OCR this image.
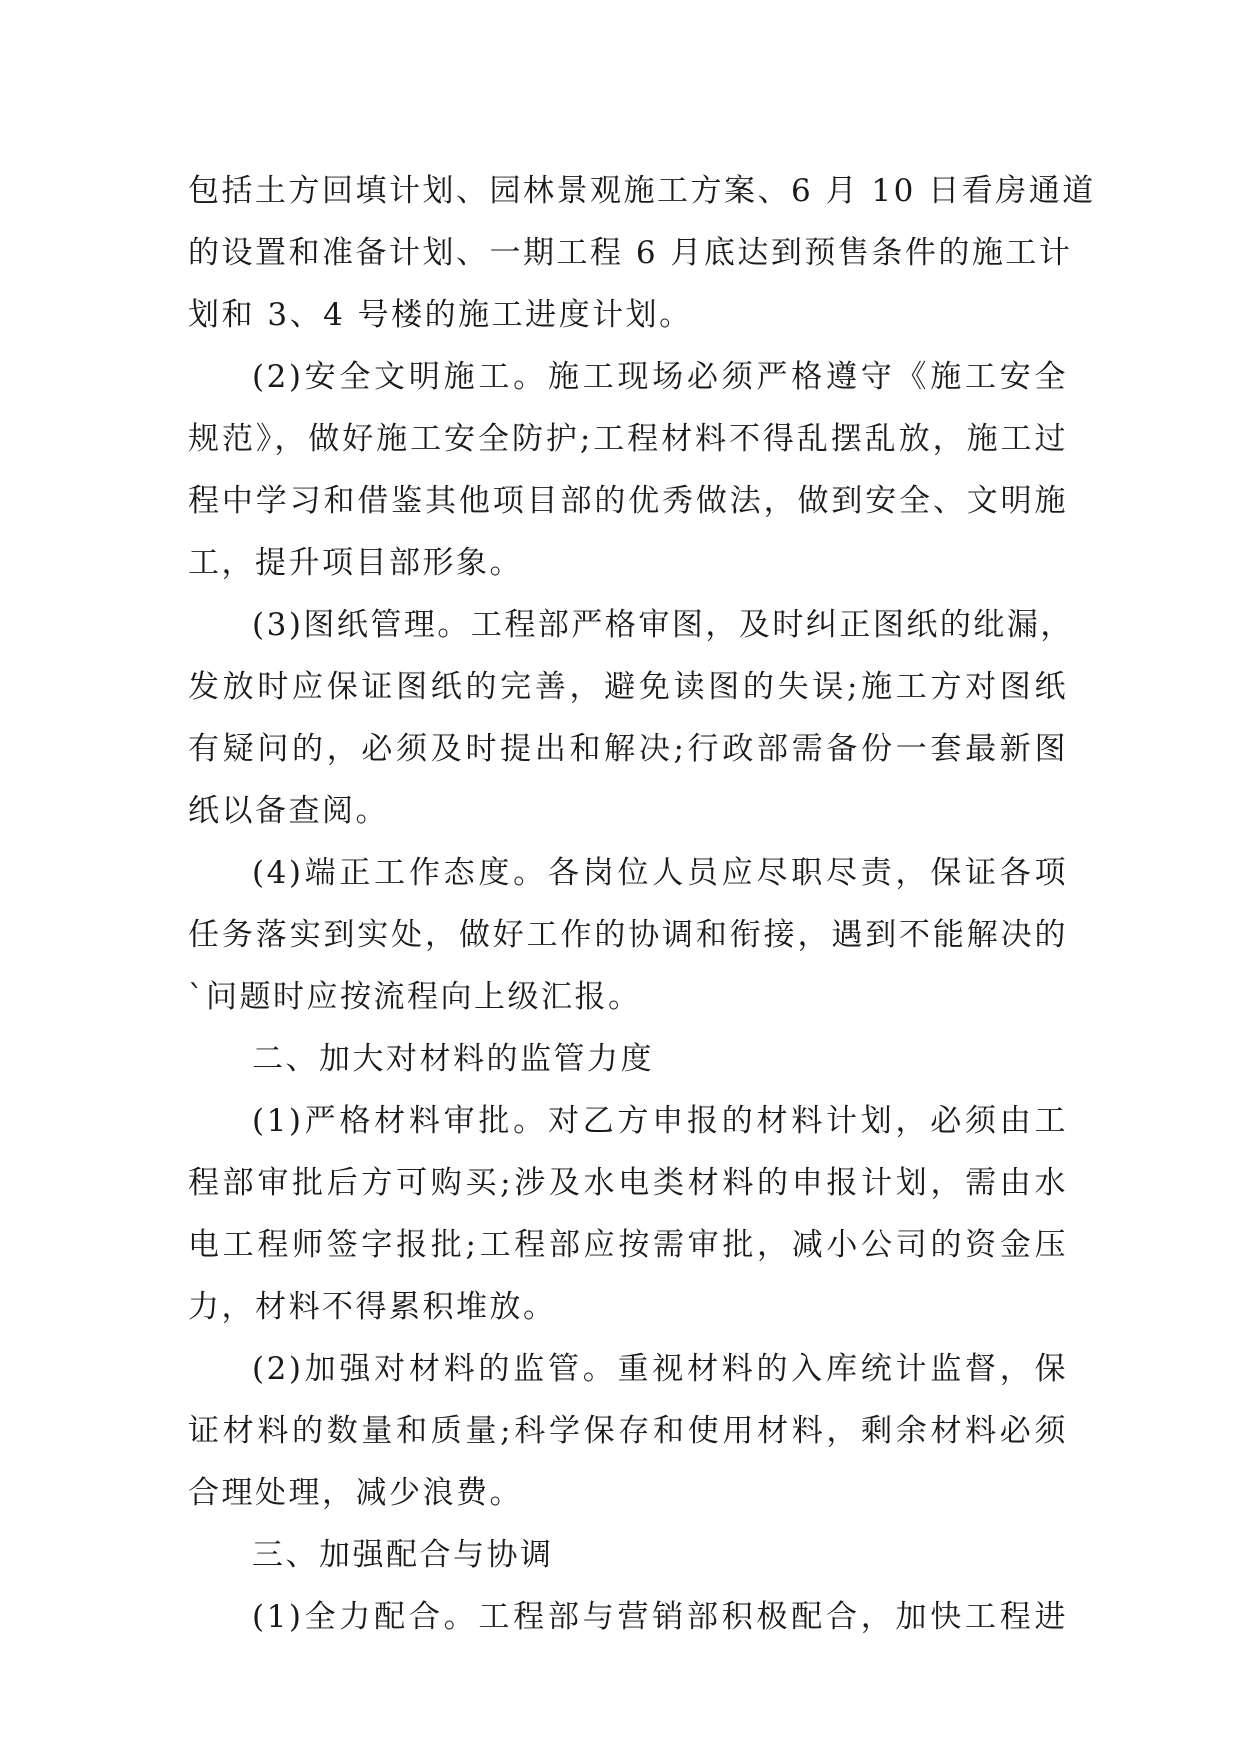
包括土方回填计划、园林景观施工方案、6 月 10 日看房通道
的设置和准备计划、一期工程 6 月底达到预售条件的施工计
划和 3、4 号楼的施工进度计划。

(2)安全文明施工。施工现场必须严格遵守《施工安全
规范》，做好施工安全防护;工程材料不得乱摆乱放，施工过
程中学习和借鉴其他项目部的优秀做法，做到安全、文明施
工，提升项目部形象。

(3)图纸管理。工程部严格审图，及时纠正图纸的纰漏，
发放时应保证图纸的完善，避免读图的失误;施工方对图纸
有疑问的，必须及时提出和解决;行政部需备份一套最新图
纸以备查阅。

(4)端正工作态度。各岗位人员应尽职尽责，保证各项
任务落实到实处，做好工作的协调和衔接，遇到不能解决的
`问题时应按流程向上级汇报。

二、加大对材料的监管力度

(1)严格材料审批。对乙方申报的材料计划，必须由工
程部审批后方可购买;涉及水电类材料的申报计划，需由水
电工程师签字报批;工程部应按需审批，减小公司的资金压
力，材料不得累积堆放。

(2)加强对材料的监管。重视材料的入库统计监督，保
证材料的数量和质量;科学保存和使用材料，剩余材料必须
合理处理，减少浪费。

三、加强配合与协调

(1)全力配合。工程部与营销部积极配合，加快工程进
